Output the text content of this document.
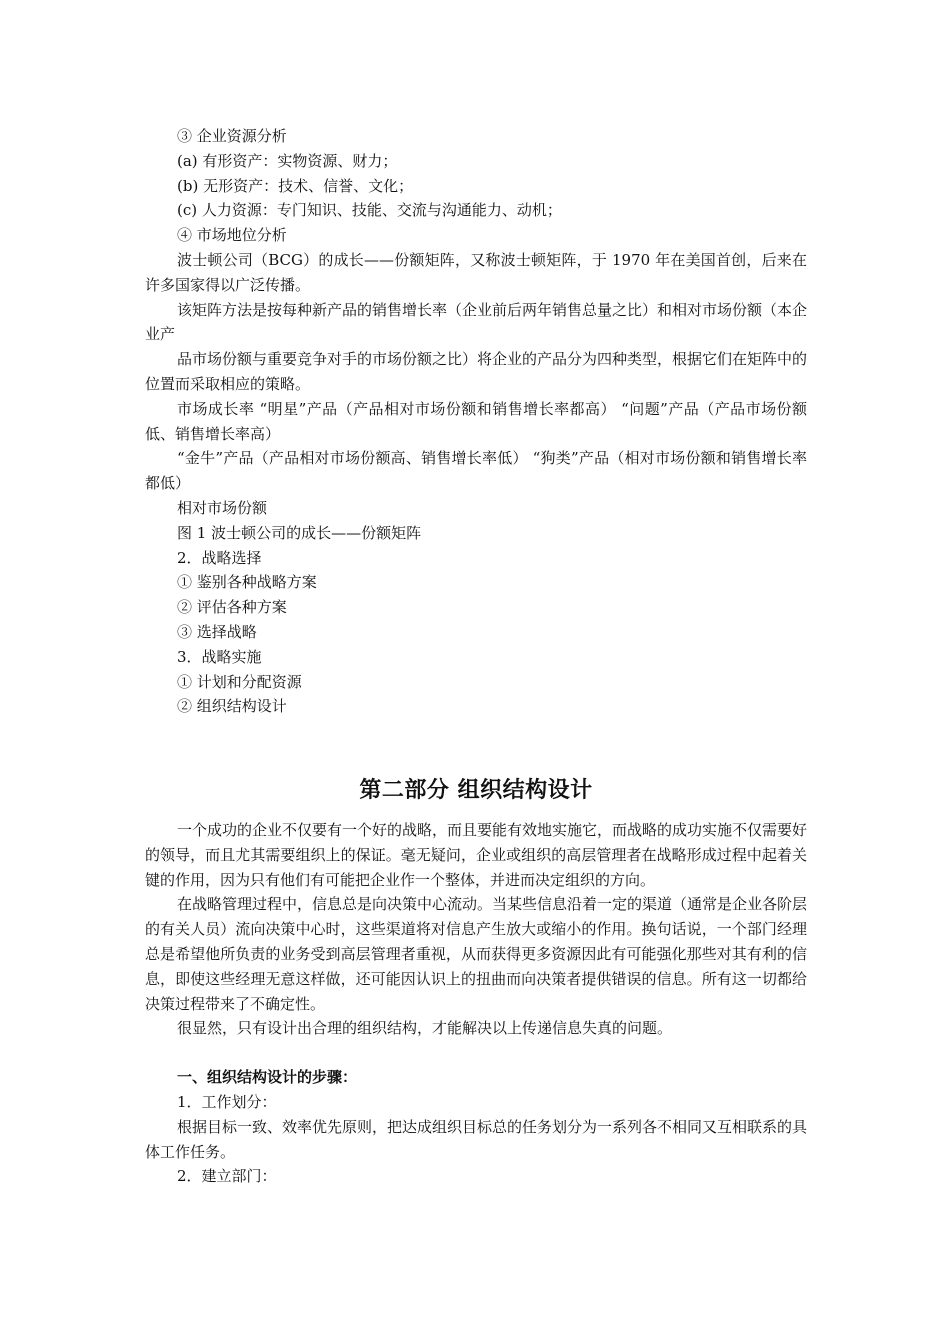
③ 企业资源分析

(a) 有形资产：实物资源、财力；

(b) 无形资产：技术、信誉、文化；

(c) 人力资源：专门知识、技能、交流与沟通能力、动机；

④ 市场地位分析

波士顿公司（BCG）的成长——份额矩阵，又称波士顿矩阵，于 1970 年在美国首创，后来在许多国家得以广泛传播。

该矩阵方法是按每种新产品的销售增长率（企业前后两年销售总量之比）和相对市场份额（本企业产

品市场份额与重要竞争对手的市场份额之比）将企业的产品分为四种类型，根据它们在矩阵中的位置而采取相应的策略。

市场成长率 “明星”产品（产品相对市场份额和销售增长率都高） “问题”产品（产品市场份额低、销售增长率高）

“金牛”产品（产品相对市场份额高、销售增长率低） “狗类”产品（相对市场份额和销售增长率都低）

相对市场份额

图 1 波士顿公司的成长——份额矩阵

2．战略选择

① 鉴别各种战略方案

② 评估各种方案

③ 选择战略

3．战略实施

① 计划和分配资源

② 组织结构设计

第二部分 组织结构设计

一个成功的企业不仅要有一个好的战略，而且要能有效地实施它，而战略的成功实施不仅需要好的领导，而且尤其需要组织上的保证。毫无疑问，企业或组织的高层管理者在战略形成过程中起着关键的作用，因为只有他们有可能把企业作一个整体，并进而决定组织的方向。

在战略管理过程中，信息总是向决策中心流动。当某些信息沿着一定的渠道（通常是企业各阶层的有关人员）流向决策中心时，这些渠道将对信息产生放大或缩小的作用。换句话说，一个部门经理总是希望他所负责的业务受到高层管理者重视，从而获得更多资源因此有可能强化那些对其有利的信息，即使这些经理无意这样做，还可能因认识上的扭曲而向决策者提供错误的信息。所有这一切都给决策过程带来了不确定性。

很显然，只有设计出合理的组织结构，才能解决以上传递信息失真的问题。

一、组织结构设计的步骤：

1．工作划分：

根据目标一致、效率优先原则，把达成组织目标总的任务划分为一系列各不相同又互相联系的具体工作任务。

2．建立部门：
